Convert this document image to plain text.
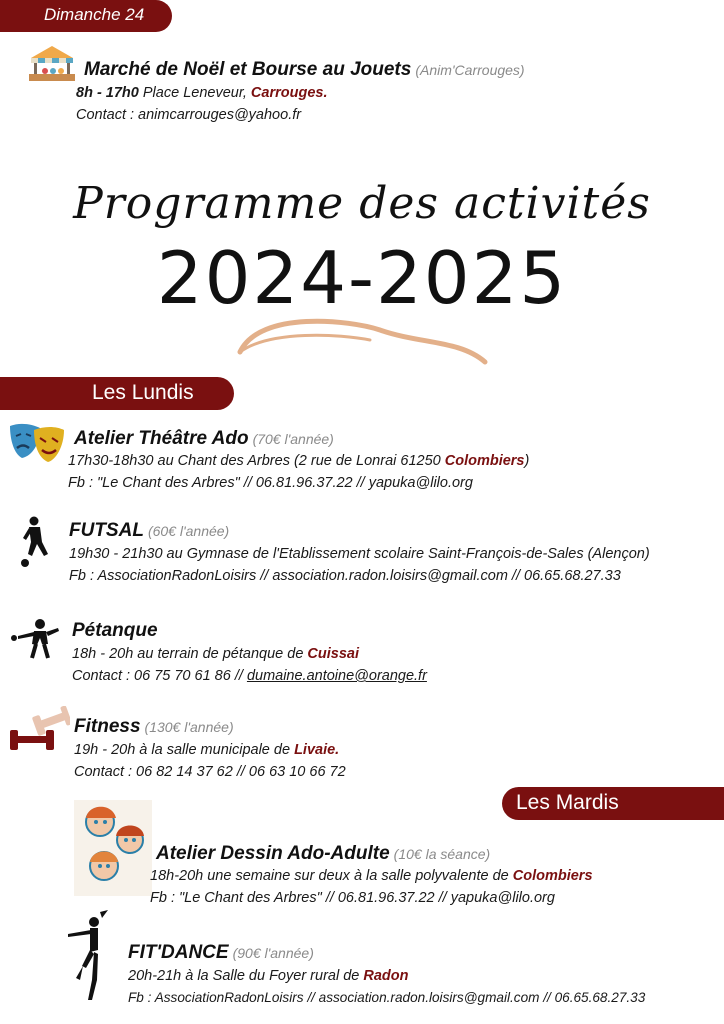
Dimanche 24
Marché de Noël et Bourse au Jouets (Anim'Carrouges)
8h - 17h0 Place Leneveur, Carrouges.
Contact : animcarrouges@yahoo.fr
Programme des activités
2024-2025
Les Lundis
Atelier Théâtre Ado (70€ l'année)
17h30-18h30 au Chant des Arbres (2 rue de Lonrai 61250 Colombiers)
Fb : "Le Chant des Arbres" // 06.81.96.37.22 // yapuka@lilo.org
FUTSAL (60€ l'année)
19h30 - 21h30 au Gymnase de l'Etablissement scolaire Saint-François-de-Sales (Alençon)
Fb : AssociationRadonLoisirs // association.radon.loisirs@gmail.com // 06.65.68.27.33
Pétanque
18h - 20h au terrain de pétanque de Cuissai
Contact : 06 75 70 61 86 // dumaine.antoine@orange.fr
Fitness (130€ l'année)
19h - 20h à la salle municipale de Livaie.
Contact : 06 82 14 37 62 // 06 63 10 66 72
Les Mardis
Atelier Dessin Ado-Adulte (10€ la séance)
18h-20h une semaine sur deux à la salle polyvalente de Colombiers
Fb : "Le Chant des Arbres" // 06.81.96.37.22 // yapuka@lilo.org
FIT'DANCE (90€ l'année)
20h-21h à la Salle du Foyer rural de Radon
Fb : AssociationRadonLoisirs // association.radon.loisirs@gmail.com // 06.65.68.27.33
